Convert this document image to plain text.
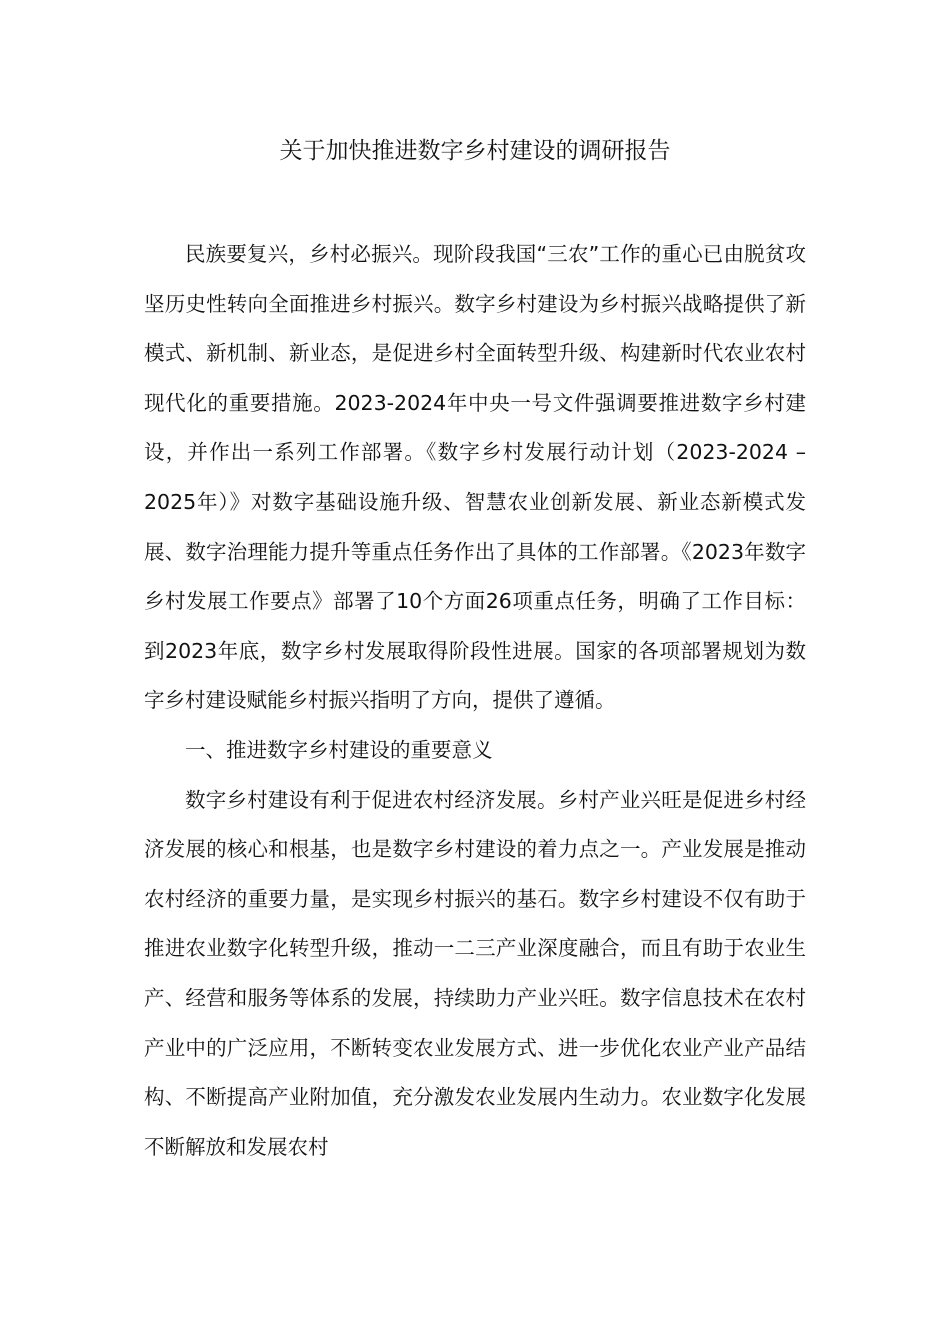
关于加快推进数字乡村建设的调研报告

民族要复兴，乡村必振兴。现阶段我国“三农”工作的重心已由脱贫攻坚历史性转向全面推进乡村振兴。数字乡村建设为乡村振兴战略提供了新模式、新机制、新业态，是促进乡村全面转型升级、构建新时代农业农村现代化的重要措施。2023-2024年中央一号文件强调要推进数字乡村建设，并作出一系列工作部署。《数字乡村发展行动计划（2023-2024 – 2025年）》对数字基础设施升级、智慧农业创新发展、新业态新模式发展、数字治理能力提升等重点任务作出了具体的工作部署。《2023年数字乡村发展工作要点》部署了10个方面26项重点任务，明确了工作目标：到2023年底，数字乡村发展取得阶段性进展。国家的各项部署规划为数字乡村建设赋能乡村振兴指明了方向，提供了遵循。

一、推进数字乡村建设的重要意义

数字乡村建设有利于促进农村经济发展。乡村产业兴旺是促进乡村经济发展的核心和根基，也是数字乡村建设的着力点之一。产业发展是推动农村经济的重要力量，是实现乡村振兴的基石。数字乡村建设不仅有助于推进农业数字化转型升级，推动一二三产业深度融合，而且有助于农业生产、经营和服务等体系的发展，持续助力产业兴旺。数字信息技术在农村产业中的广泛应用，不断转变农业发展方式、进一步优化农业产业产品结构、不断提高产业附加值，充分激发农业发展内生动力。农业数字化发展不断解放和发展农村
